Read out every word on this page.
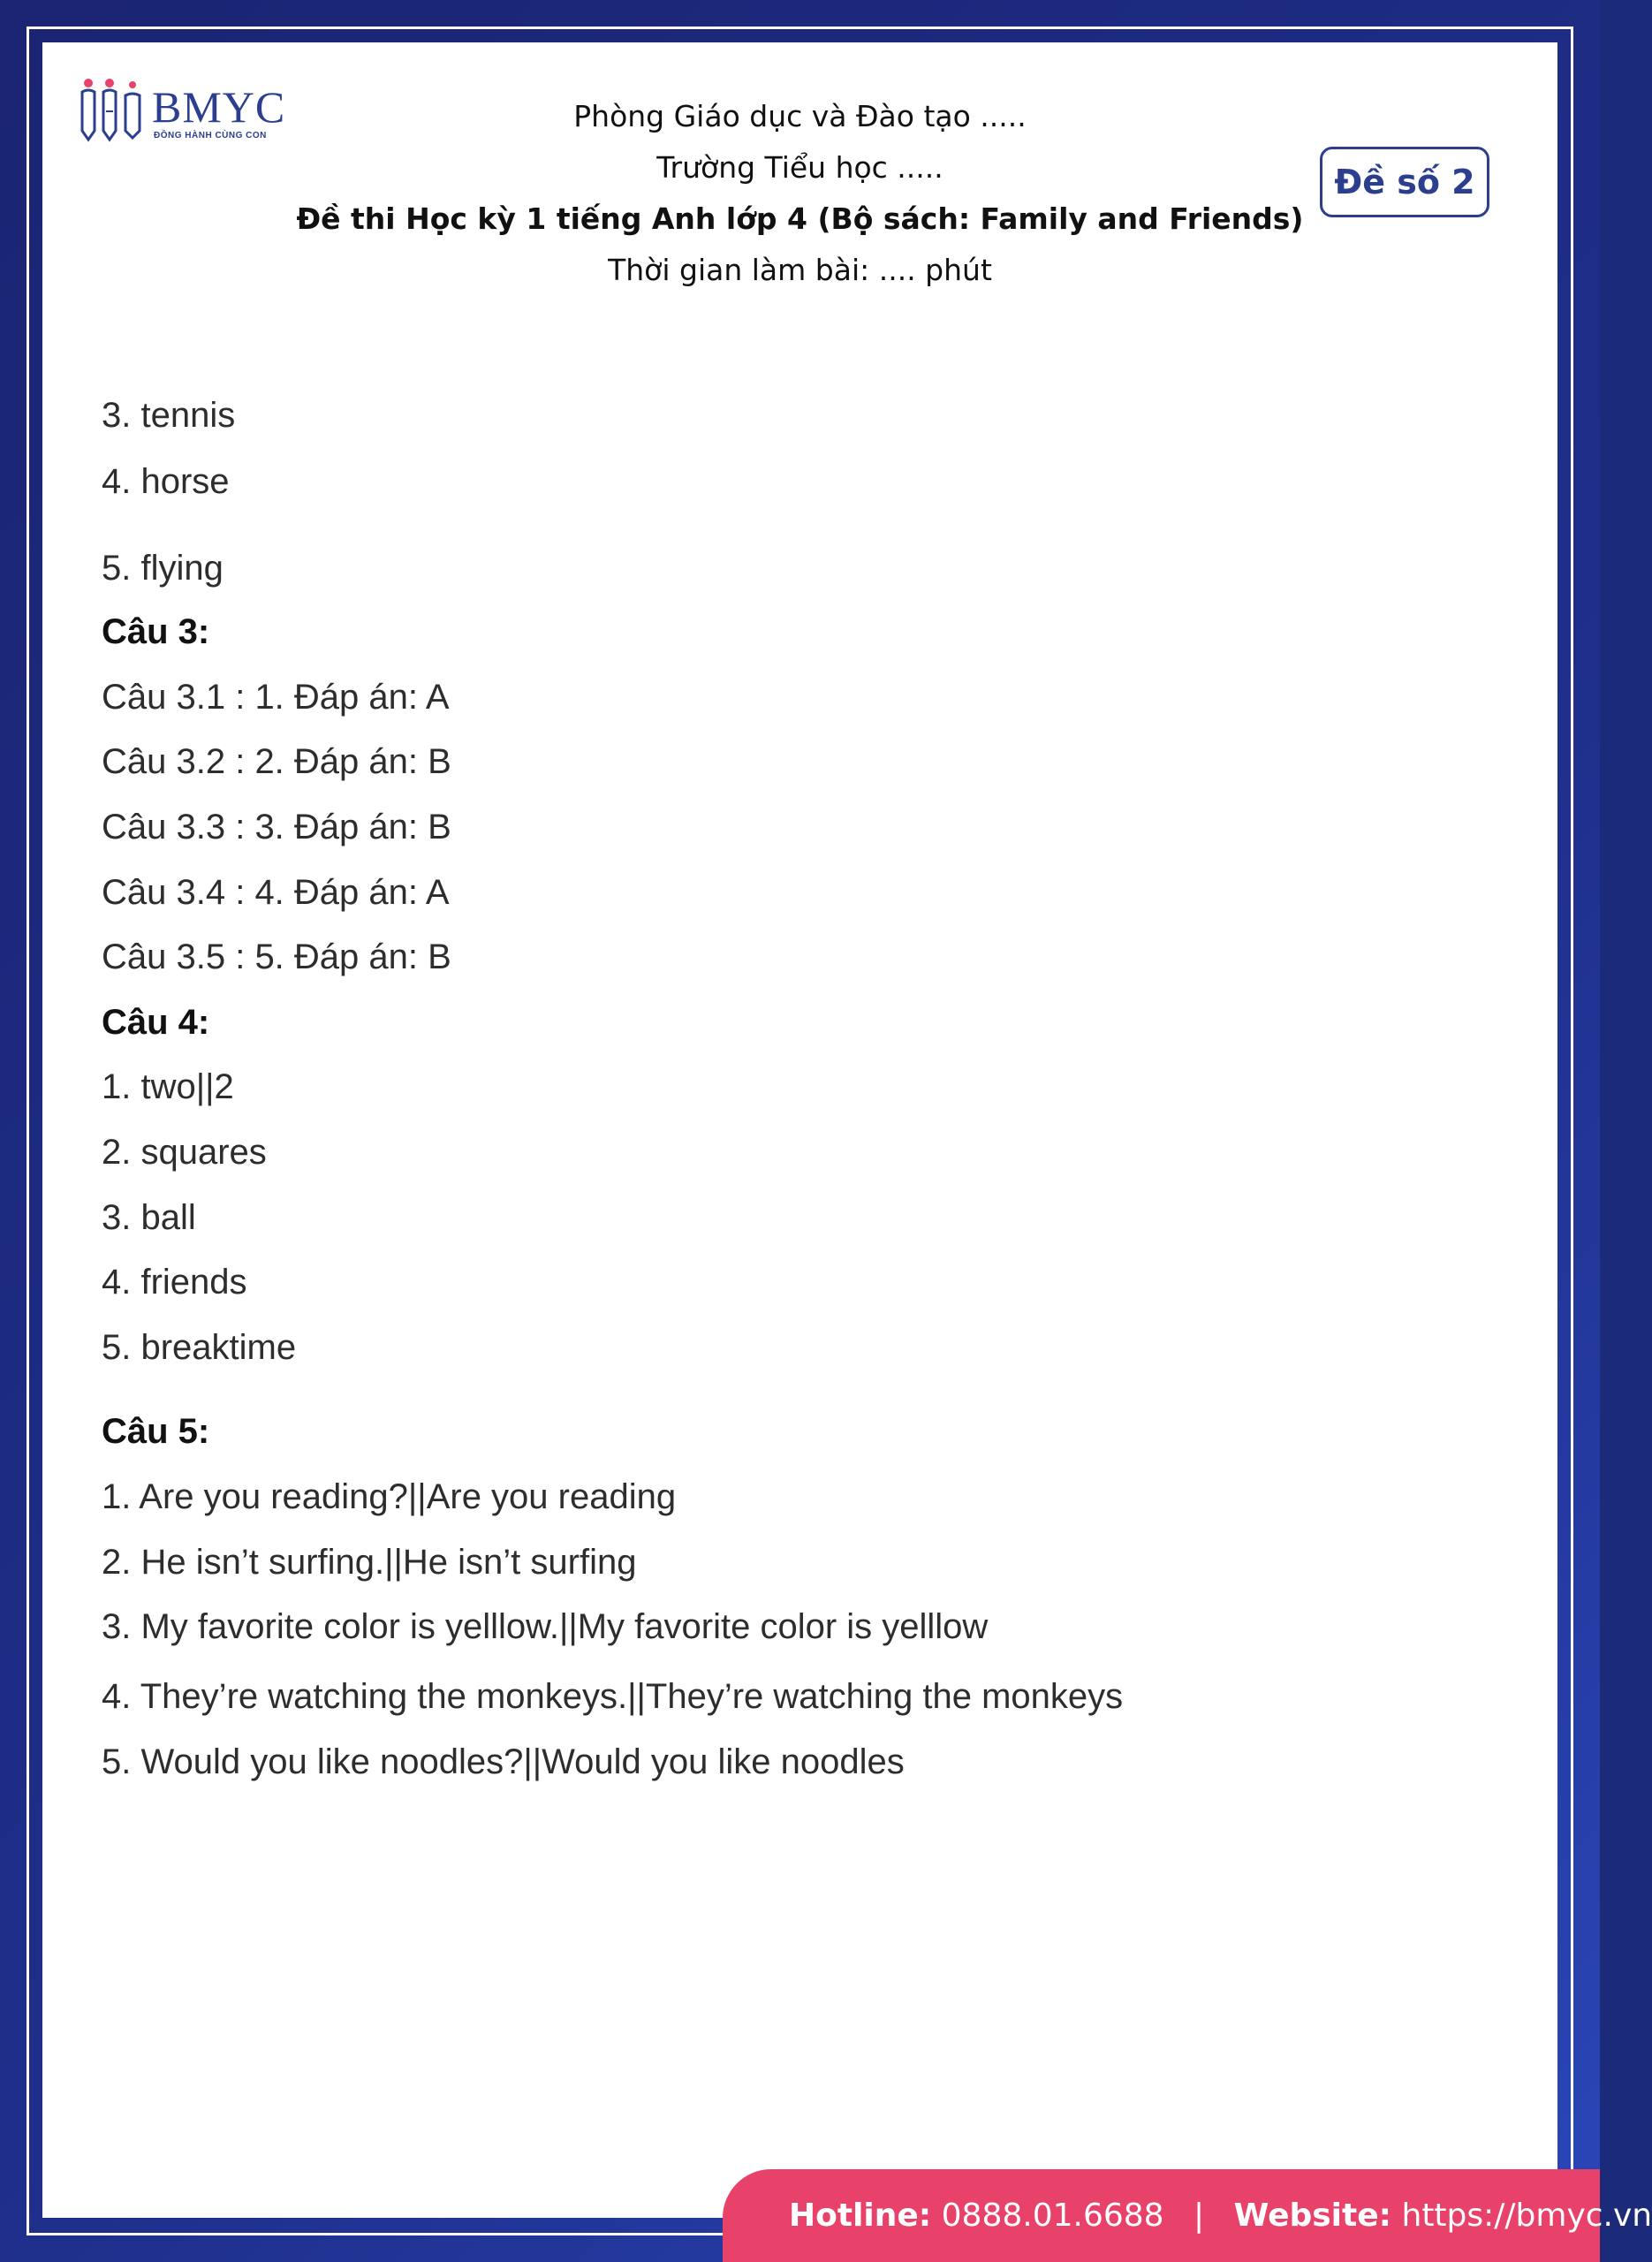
BMYC
ĐỒNG HÀNH CÙNG CON
Phòng Giáo dục và Đào tạo .....
Trường Tiểu học .....
Đề thi Học kỳ 1 tiếng Anh lớp 4 (Bộ sách: Family and Friends)
Thời gian làm bài: .... phút
Đề số 2
3. tennis
4. horse
5. flying
Câu 3:
Câu 3.1 : 1. Đáp án: A
Câu 3.2 : 2. Đáp án: B
Câu 3.3 : 3. Đáp án: B
Câu 3.4 : 4. Đáp án: A
Câu 3.5 : 5. Đáp án: B
Câu 4:
1. two||2
2. squares
3. ball
4. friends
5. breaktime
Câu 5:
1. Are you reading?||Are you reading
2. He isn’t surfing.||He isn’t surfing
3. My favorite color is yelllow.||My favorite color is yelllow
4. They’re watching the monkeys.||They’re watching the monkeys
5. Would you like noodles?||Would you like noodles
Hotline: 0888.01.6688 | Website: https://bmyc.vn
